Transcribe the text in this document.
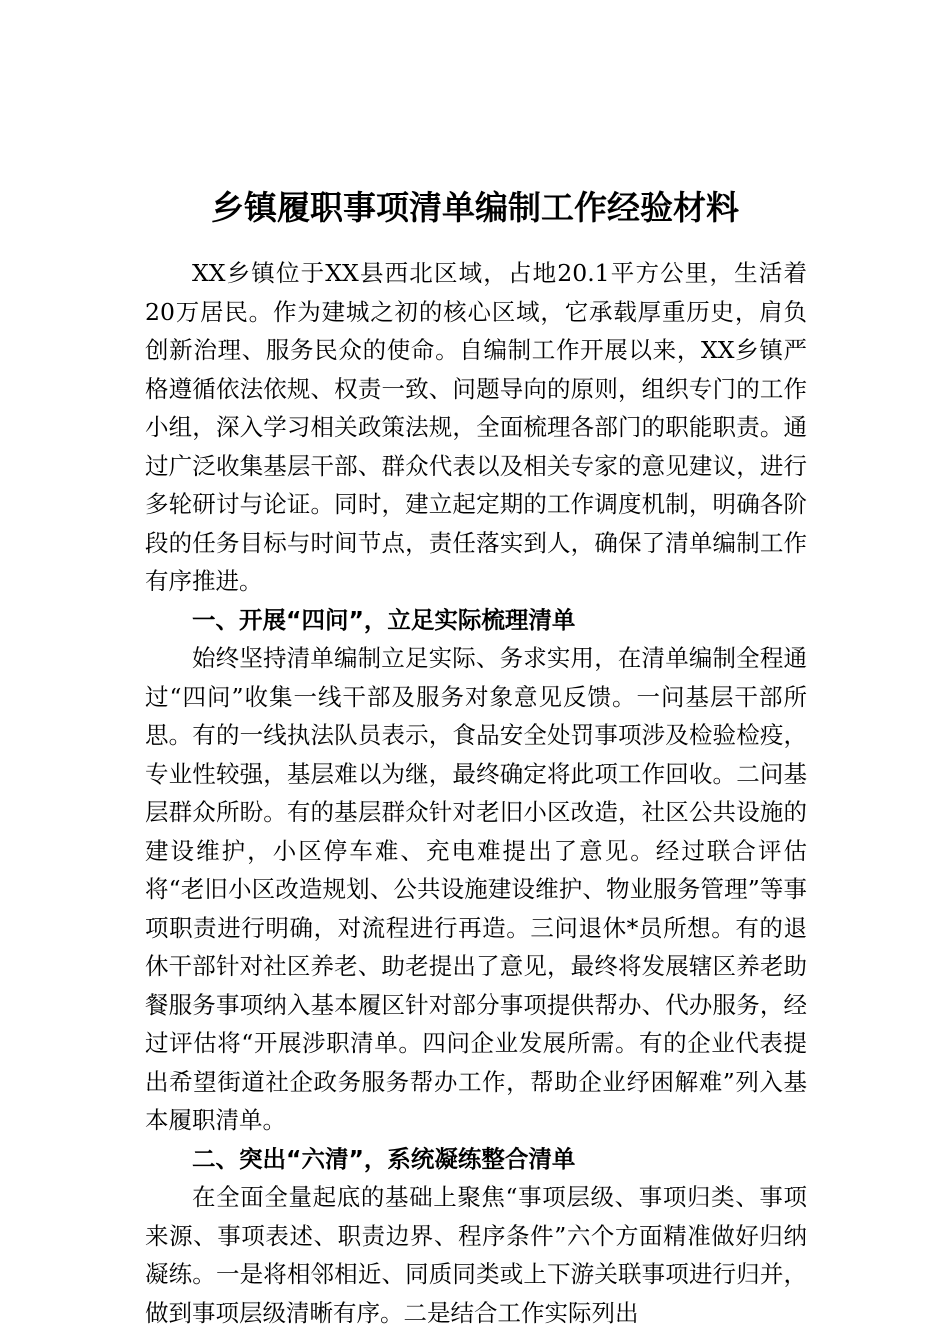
乡镇履职事项清单编制工作经验材料

XX乡镇位于XX县西北区域，占地20.1平方公里，生活着20万居民。作为建城之初的核心区域，它承载厚重历史，肩负创新治理、服务民众的使命。自编制工作开展以来，XX乡镇严格遵循依法依规、权责一致、问题导向的原则，组织专门的工作小组，深入学习相关政策法规，全面梳理各部门的职能职责。通过广泛收集基层干部、群众代表以及相关专家的意见建议，进行多轮研讨与论证。同时，建立起定期的工作调度机制，明确各阶段的任务目标与时间节点，责任落实到人，确保了清单编制工作有序推进。

一、开展“四问”，立足实际梳理清单

始终坚持清单编制立足实际、务求实用，在清单编制全程通过“四问”收集一线干部及服务对象意见反馈。一问基层干部所思。有的一线执法队员表示，食品安全处罚事项涉及检验检疫，专业性较强，基层难以为继，最终确定将此项工作回收。二问基层群众所盼。有的基层群众针对老旧小区改造，社区公共设施的建设维护，小区停车难、充电难提出了意见。经过联合评估将“老旧小区改造规划、公共设施建设维护、物业服务管理”等事项职责进行明确，对流程进行再造。三问退休*员所想。有的退休干部针对社区养老、助老提出了意见，最终将发展辖区养老助餐服务事项纳入基本履区针对部分事项提供帮办、代办服务，经过评估将“开展涉职清单。四问企业发展所需。有的企业代表提出希望街道社企政务服务帮办工作，帮助企业纾困解难”列入基本履职清单。

二、突出“六清”，系统凝练整合清单

在全面全量起底的基础上聚焦“事项层级、事项归类、事项来源、事项表述、职责边界、程序条件”六个方面精准做好归纳凝练。一是将相邻相近、同质同类或上下游关联事项进行归并，做到事项层级清晰有序。二是结合工作实际列出
